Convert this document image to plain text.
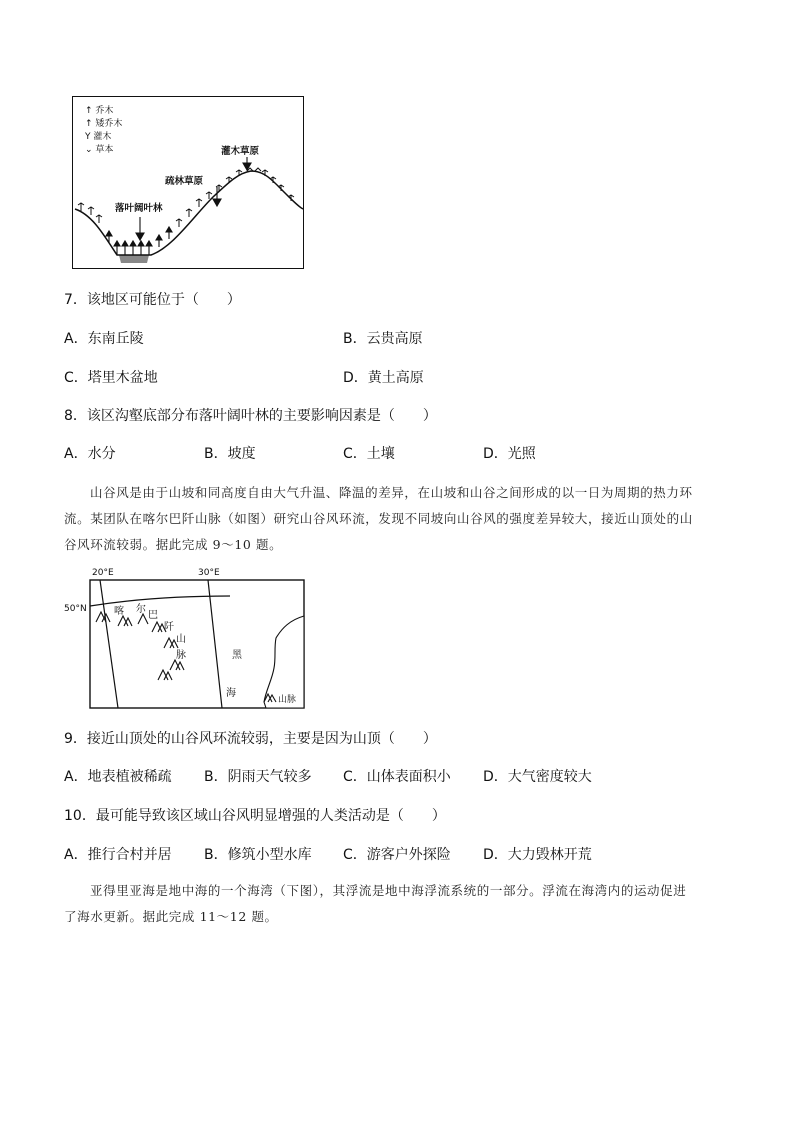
↑ 乔木
↑ 矮乔木
Y 灌木
⌄ 草本	灌木草原
疏林草原
落叶阔叶林
7．该地区可能位于（　　）
A．东南丘陵	B．云贵高原
C．塔里木盆地	D．黄土高原
8．该区沟壑底部分布落叶阔叶林的主要影响因素是（　　）
A．水分	B．坡度	C．土壤	D．光照
山谷风是由于山坡和同高度自由大气升温、降温的差异，在山坡和山谷之间形成的以一日为周期的热力环
流。某团队在喀尔巴阡山脉（如图）研究山谷风环流，发现不同坡向山谷风的强度差异较大，接近山顶处的山
谷风环流较弱。据此完成 9～10 题。
20°E	30°E
50°N	喀 尔
巴
阡
山
脉	黑
海
山脉
9．接近山顶处的山谷风环流较弱，主要是因为山顶（　　）
A．地表植被稀疏 B．阴雨天气较多 C．山体表面积小 D．大气密度较大
10．最可能导致该区域山谷风明显增强的人类活动是（　　）
A．推行合村并居 B．修筑小型水库 C．游客户外探险 D．大力毁林开荒
亚得里亚海是地中海的一个海湾（下图），其浮流是地中海浮流系统的一部分。浮流在海湾内的运动促进
了海水更新。据此完成 11～12 题。
